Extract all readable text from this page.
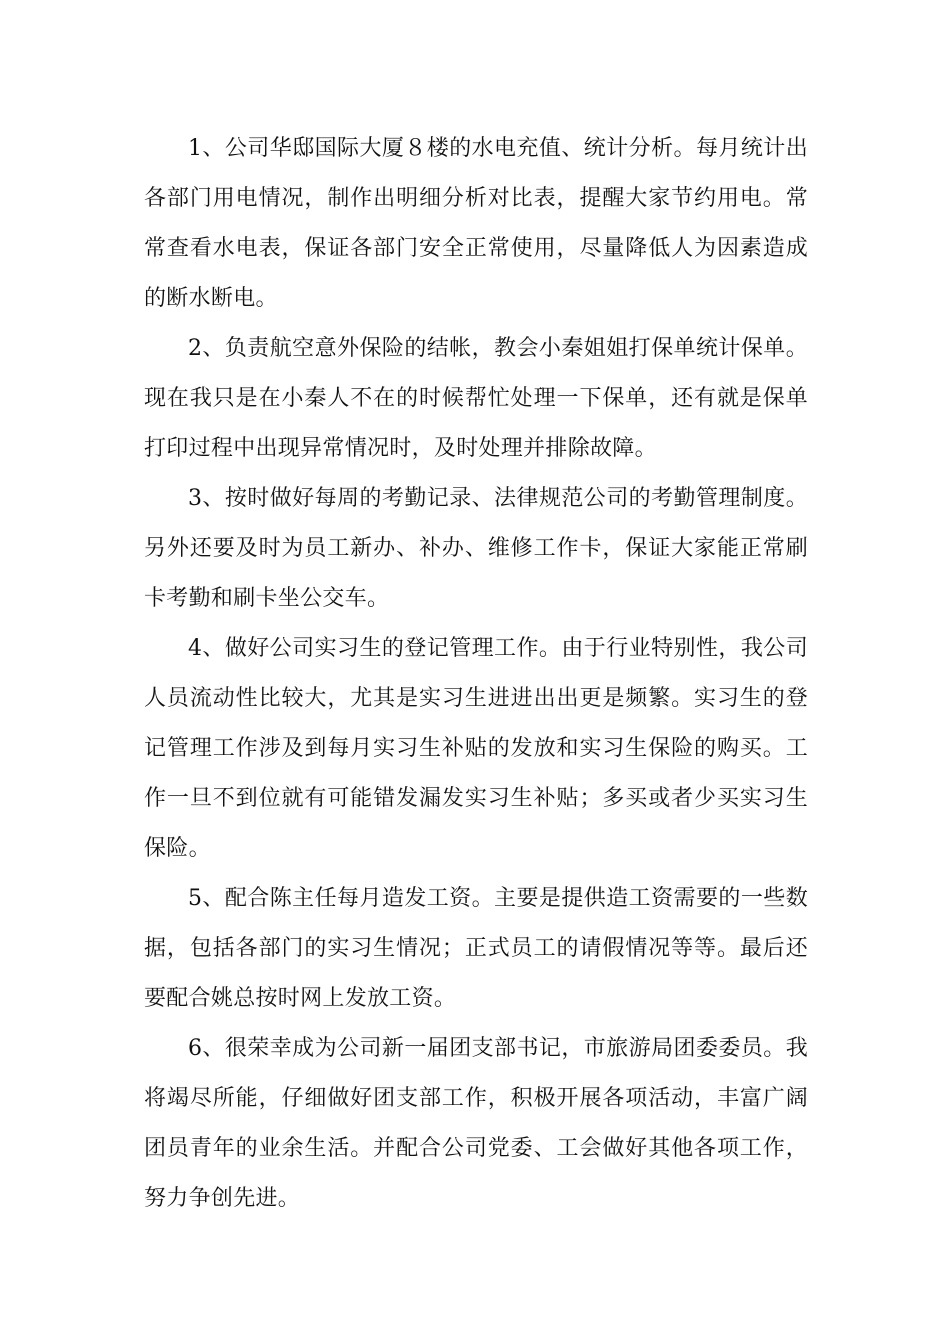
1、公司华邸国际大厦８楼的水电充值、统计分析。每月统计出各部门用电情况，制作出明细分析对比表，提醒大家节约用电。常常查看水电表，保证各部门安全正常使用，尽量降低人为因素造成的断水断电。

2、负责航空意外保险的结帐，教会小秦姐姐打保单统计保单。现在我只是在小秦人不在的时候帮忙处理一下保单，还有就是保单打印过程中出现异常情况时，及时处理并排除故障。

3、按时做好每周的考勤记录、法律规范公司的考勤管理制度。另外还要及时为员工新办、补办、维修工作卡，保证大家能正常刷卡考勤和刷卡坐公交车。

4、做好公司实习生的登记管理工作。由于行业特别性，我公司人员流动性比较大，尤其是实习生进进出出更是频繁。实习生的登记管理工作涉及到每月实习生补贴的发放和实习生保险的购买。工作一旦不到位就有可能错发漏发实习生补贴；多买或者少买实习生保险。

5、配合陈主任每月造发工资。主要是提供造工资需要的一些数据，包括各部门的实习生情况；正式员工的请假情况等等。最后还要配合姚总按时网上发放工资。

6、很荣幸成为公司新一届团支部书记，市旅游局团委委员。我将竭尽所能，仔细做好团支部工作，积极开展各项活动，丰富广阔团员青年的业余生活。并配合公司党委、工会做好其他各项工作，努力争创先进。
